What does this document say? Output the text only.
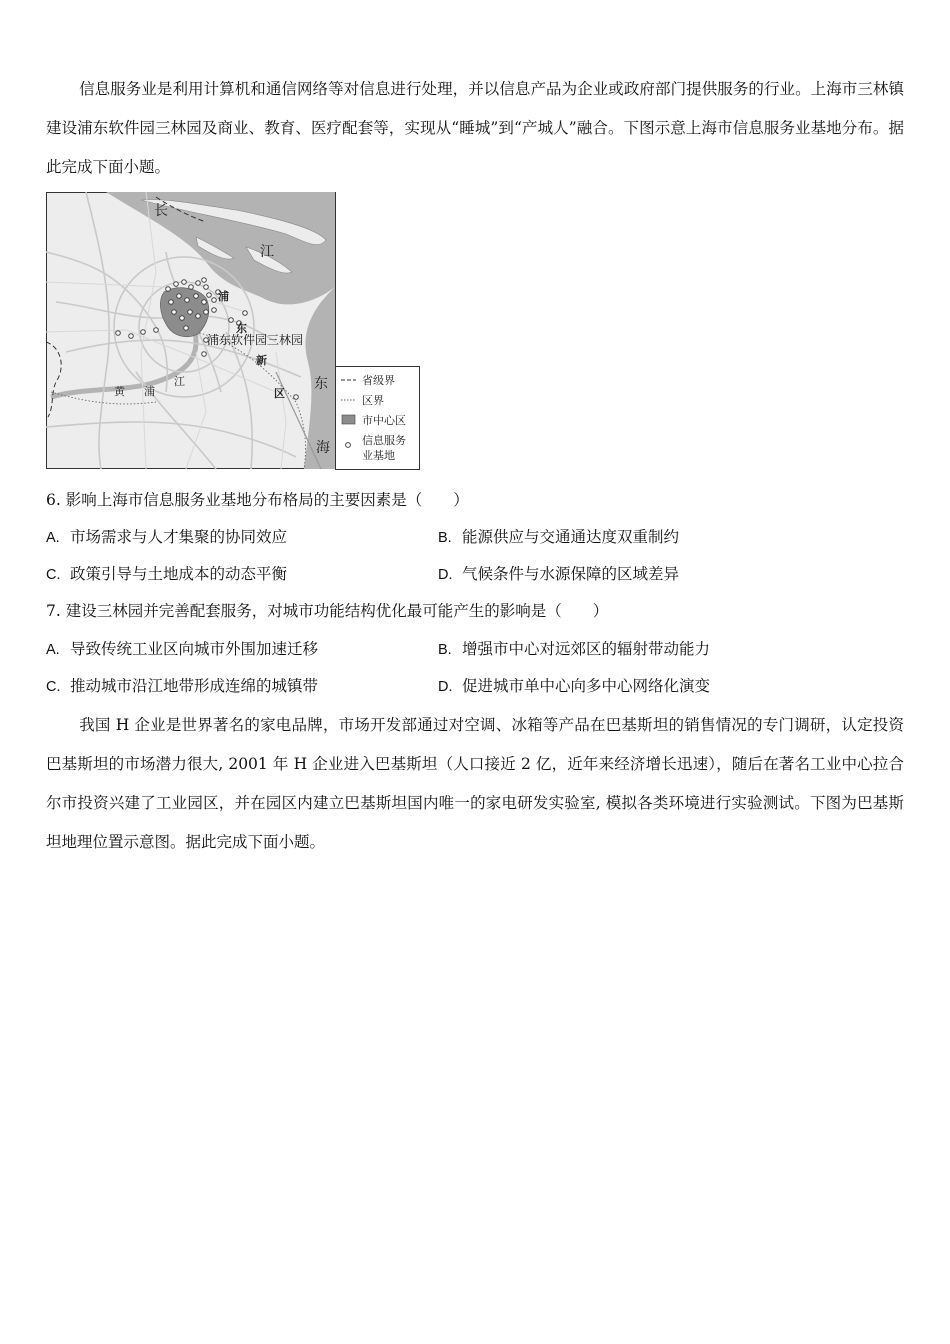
信息服务业是利用计算机和通信网络等对信息进行处理，并以信息产品为企业或政府部门提供服务的行业。上海市三林镇建设浦东软件园三林园及商业、教育、医疗配套等，实现从“睡城”到“产城人”融合。下图示意上海市信息服务业基地分布。据此完成下面小题。

长
江
浦
东
新
区
黄 浦
江	东
海
浦东软件园三林园
省级界
区界
市中心区
信息服务
业基地

6. 影响上海市信息服务业基地分布格局的主要因素是（　　）

A. 市场需求与人才集聚的协同效应	B. 能源供应与交通通达度双重制约

C. 政策引导与土地成本的动态平衡	D. 气候条件与水源保障的区域差异

7. 建设三林园并完善配套服务，对城市功能结构优化最可能产生的影响是（　　）

A. 导致传统工业区向城市外围加速迁移	B. 增强市中心对远郊区的辐射带动能力

C. 推动城市沿江地带形成连绵的城镇带	D. 促进城市单中心向多中心网络化演变

我国 H 企业是世界著名的家电品牌，市场开发部通过对空调、冰箱等产品在巴基斯坦的销售情况的专门调研，认定投资巴基斯坦的市场潜力很大, 2001 年 H 企业进入巴基斯坦（人口接近 2 亿，近年来经济增长迅速），随后在著名工业中心拉合尔市投资兴建了工业园区，并在园区内建立巴基斯坦国内唯一的家电研发实验室, 模拟各类环境进行实验测试。下图为巴基斯坦地理位置示意图。据此完成下面小题。
